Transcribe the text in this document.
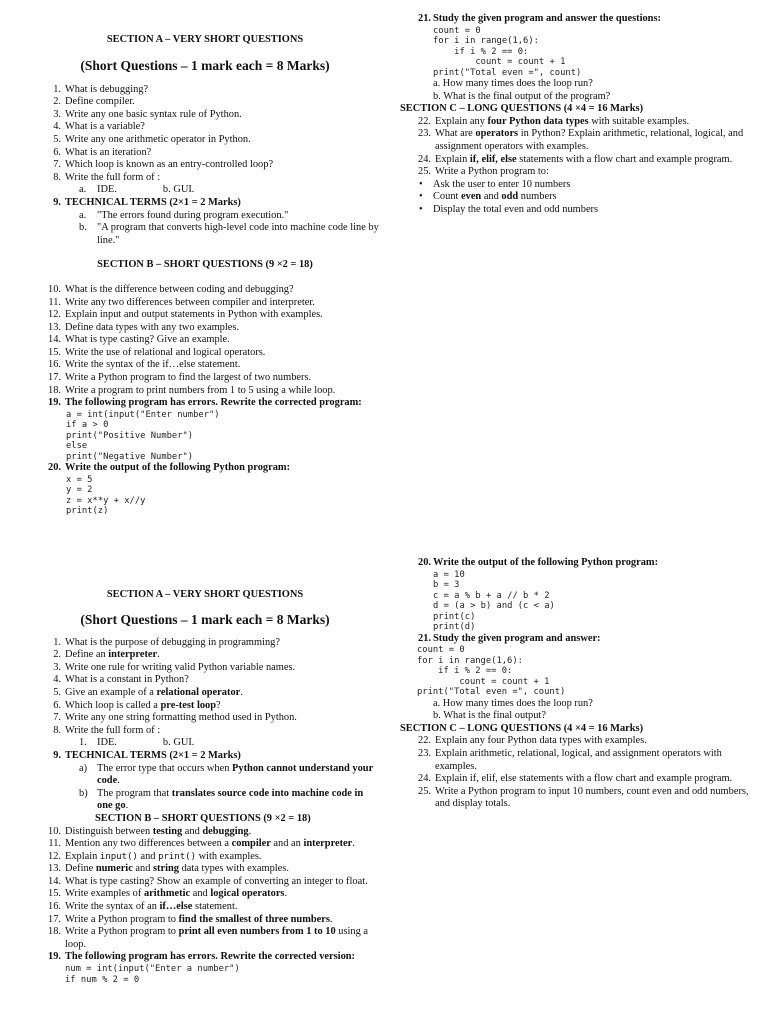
SECTION A – VERY SHORT QUESTIONS
(Short Questions – 1 mark each = 8 Marks)
1. What is debugging?
2. Define compiler.
3. Write any one basic syntax rule of Python.
4. What is a variable?
5. Write any one arithmetic operator in Python.
6. What is an iteration?
7. Which loop is known as an entry-controlled loop?
8. Write the full form of :
a. IDE.	b. GUI.
9. TECHNICAL TERMS (2×1 = 2 Marks)
a. "The errors found during program execution."
b. "A program that converts high-level code into machine code line by line."
SECTION B – SHORT QUESTIONS (9 ×2 = 18)
10. What is the difference between coding and debugging?
11. Write any two differences between compiler and interpreter.
12. Explain input and output statements in Python with examples.
13. Define data types with any two examples.
14. What is type casting? Give an example.
15. Write the use of relational and logical operators.
16. Write the syntax of the if…else statement.
17. Write a Python program to find the largest of two numbers.
18. Write a program to print numbers from 1 to 5 using a while loop.
19. The following program has errors. Rewrite the corrected program:
a = int(input("Enter number")
if a > 0
print("Positive Number")
else
print("Negative Number")
20. Write the output of the following Python program:
x = 5
y = 2
z = x**y + x//y
print(z)
21. Study the given program and answer the questions:
count = 0
for i in range(1,6):
if i % 2 == 0:
count = count + 1
print("Total even =", count)
a. How many times does the loop run?
b. What is the final output of the program?
SECTION C – LONG QUESTIONS (4 ×4 = 16 Marks)
22. Explain any four Python data types with suitable examples.
23. What are operators in Python? Explain arithmetic, relational, logical, and assignment operators with examples.
24. Explain if, elif, else statements with a flow chart and example program.
25. Write a Python program to:
• Ask the user to enter 10 numbers
• Count even and odd numbers
• Display the total even and odd numbers
SECTION A – VERY SHORT QUESTIONS
(Short Questions – 1 mark each = 8 Marks)
1. What is the purpose of debugging in programming?
2. Define an interpreter.
3. Write one rule for writing valid Python variable names.
4. What is a constant in Python?
5. Give an example of a relational operator.
6. Which loop is called a pre-test loop?
7. Write any one string formatting method used in Python.
8. Write the full form of :
1. IDE.	b. GUI.
9. TECHNICAL TERMS (2×1 = 2 Marks)
a) The error type that occurs when Python cannot understand your code.
b) The program that translates source code into machine code in one go.
SECTION B – SHORT QUESTIONS (9 ×2 = 18)
10. Distinguish between testing and debugging.
11. Mention any two differences between a compiler and an interpreter.
12. Explain input() and print() with examples.
13. Define numeric and string data types with examples.
14. What is type casting? Show an example of converting an integer to float.
15. Write examples of arithmetic and logical operators.
16. Write the syntax of an if…else statement.
17. Write a Python program to find the smallest of three numbers.
18. Write a Python program to print all even numbers from 1 to 10 using a loop.
19. The following program has errors. Rewrite the corrected version:
num = int(input("Enter a number")
if num % 2 = 0
20. Write the output of the following Python program:
a = 10
b = 3
c = a % b + a // b * 2
d = (a > b) and (c < a)
print(c)
print(d)
21. Study the given program and answer:
count = 0
for i in range(1,6):
if i % 2 == 0:
count = count + 1
print("Total even =", count)
a. How many times does the loop run?
b. What is the final output?
SECTION C – LONG QUESTIONS (4 ×4 = 16 Marks)
22. Explain any four Python data types with examples.
23. Explain arithmetic, relational, logical, and assignment operators with examples.
24. Explain if, elif, else statements with a flow chart and example program.
25. Write a Python program to input 10 numbers, count even and odd numbers, and display totals.
